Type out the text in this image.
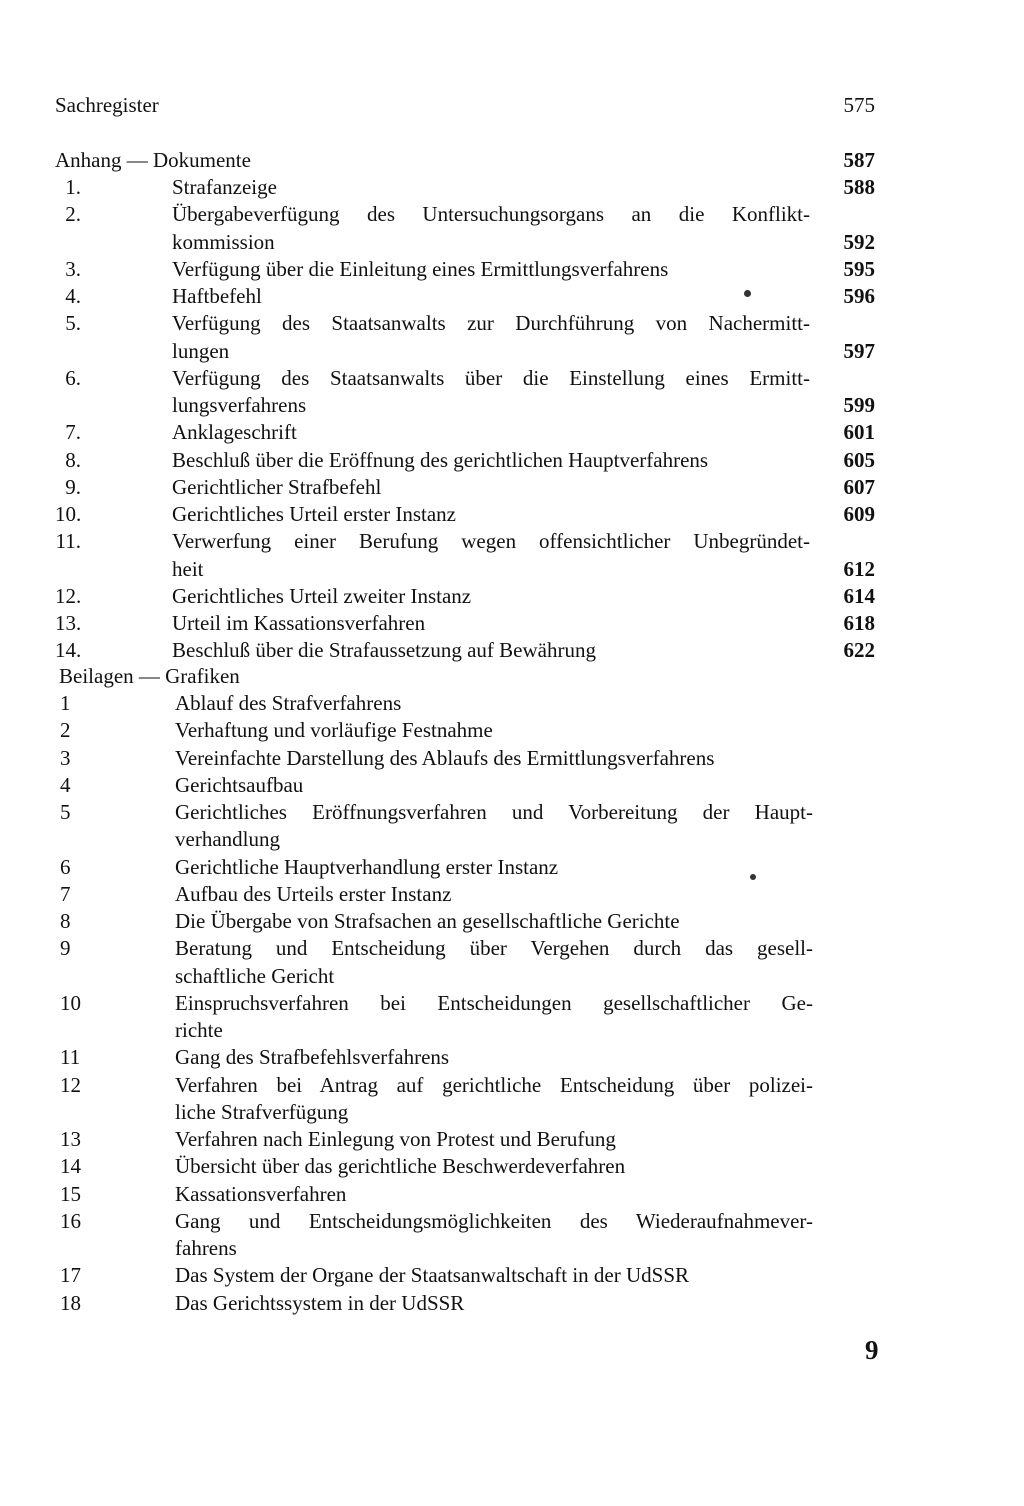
Sachregister	575
Anhang — Dokumente	587
1.	Strafanzeige	588
2.	Übergabeverfügung des Untersuchungsorgans an die Konflikt-
kommission	592
3.	Verfügung über die Einleitung eines Ermittlungsverfahrens	595
4.	Haftbefehl	596
5.	Verfügung des Staatsanwalts zur Durchführung von Nachermitt-
lungen	597
6.	Verfügung des Staatsanwalts über die Einstellung eines Ermitt-
lungsverfahrens	599
7.	Anklageschrift	601
8.	Beschluß über die Eröffnung des gerichtlichen Hauptverfahrens	605
9.	Gerichtlicher Strafbefehl	607
10.	Gerichtliches Urteil erster Instanz	609
11.	Verwerfung einer Berufung wegen offensichtlicher Unbegründet-
heit	612
12.	Gerichtliches Urteil zweiter Instanz	614
13.	Urteil im Kassationsverfahren	618
14.	Beschluß über die Strafaussetzung auf Bewährung	622
Beilagen — Grafiken
1	Ablauf des Strafverfahrens
2	Verhaftung und vorläufige Festnahme
3	Vereinfachte Darstellung des Ablaufs des Ermittlungsverfahrens
4	Gerichtsaufbau
5	Gerichtliches Eröffnungsverfahren und Vorbereitung der Haupt-
verhandlung
6	Gerichtliche Hauptverhandlung erster Instanz
7	Aufbau des Urteils erster Instanz
8	Die Übergabe von Strafsachen an gesellschaftliche Gerichte
9	Beratung und Entscheidung über Vergehen durch das gesell-
schaftliche Gericht
10	Einspruchsverfahren bei Entscheidungen gesellschaftlicher Ge-
richte
11	Gang des Strafbefehlsverfahrens
12	Verfahren bei Antrag auf gerichtliche Entscheidung über polizei-
liche Strafverfügung
13	Verfahren nach Einlegung von Protest und Berufung
14	Übersicht über das gerichtliche Beschwerdeverfahren
15	Kassationsverfahren
16	Gang und Entscheidungsmöglichkeiten des Wiederaufnahmever-
fahrens
17	Das System der Organe der Staatsanwaltschaft in der UdSSR
18	Das Gerichtssystem in der UdSSR
9
